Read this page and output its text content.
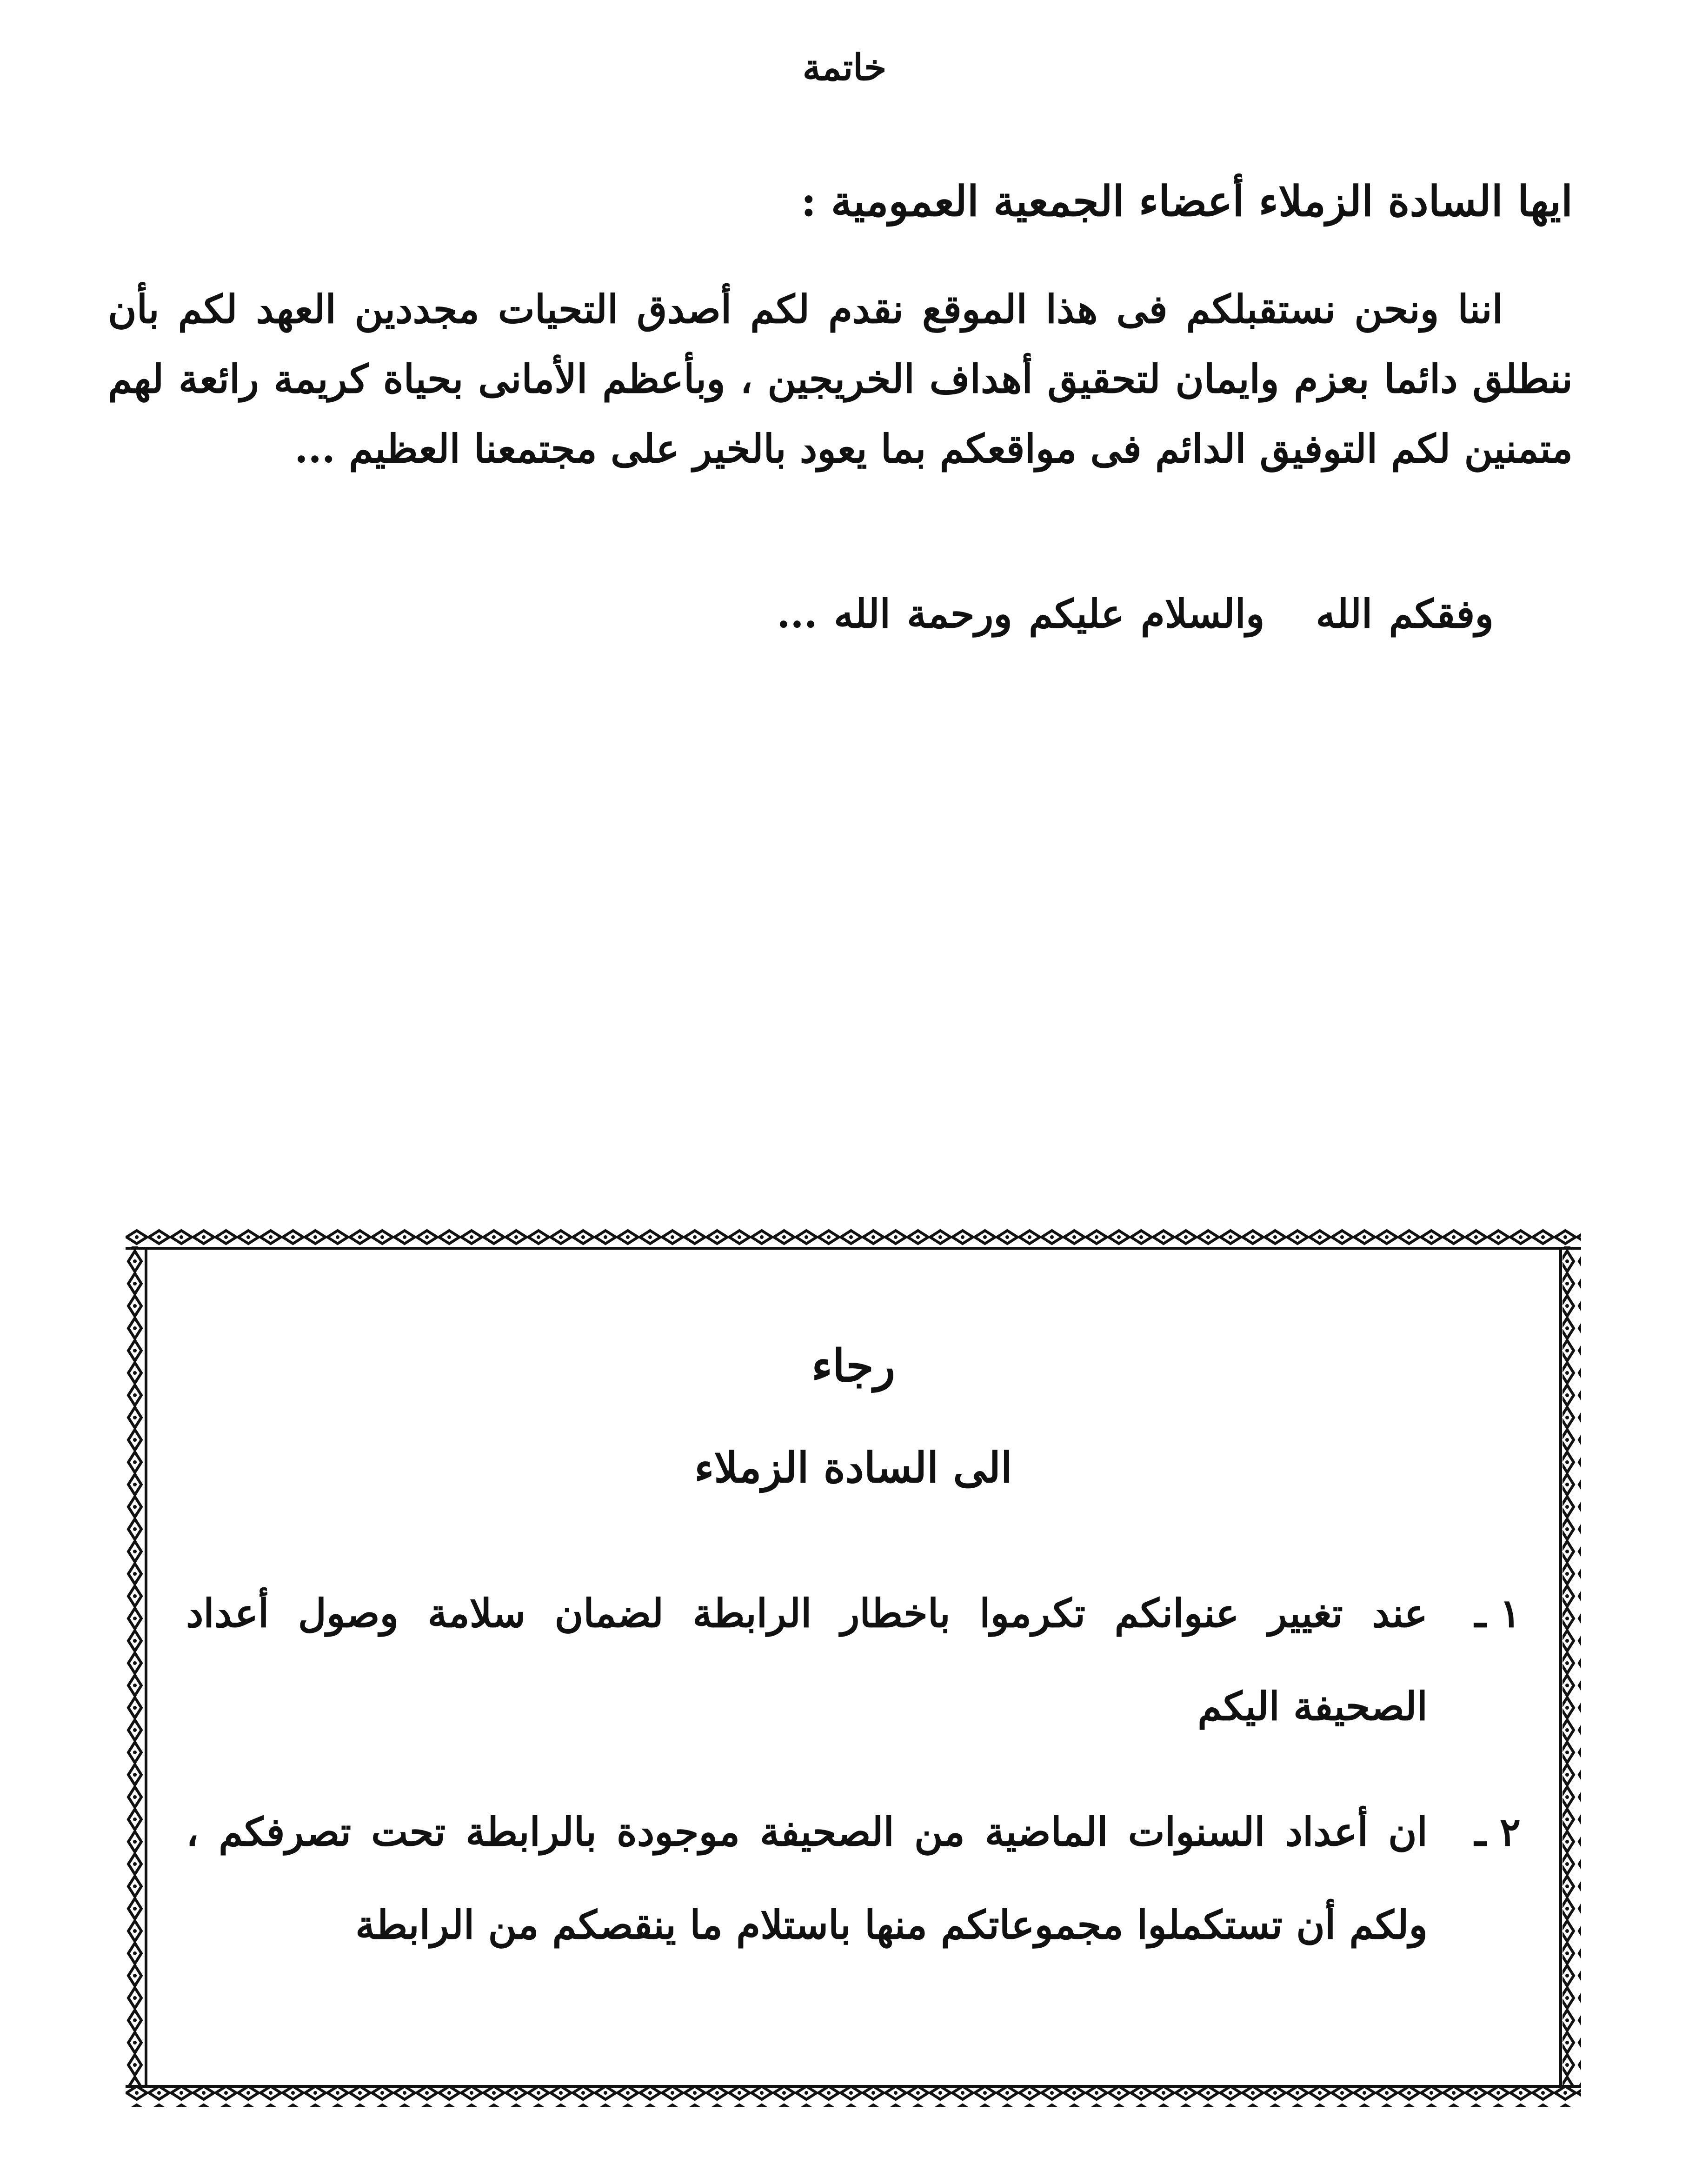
خاتمة
ايها السادة الزملاء أعضاء الجمعية العمومية :
اننا ونحن نستقبلكم فى هذا الموقع نقدم لكم أصدق التحيات مجددين العهد لكم بأن ننطلق دائما بعزم وايمان لتحقيق أهداف الخريجين ، وبأعظم الأمانى بحياة كريمة رائعة لهم متمنين لكم التوفيق الدائم فى مواقعكم بما يعود بالخير على مجتمعنا العظيم ...
وفقكم اللهوالسلام عليكم ورحمة الله ...
رجاء
الى السادة الزملاء
١ ـ
عند تغيير عنوانكم تكرموا باخطار الرابطة لضمان سلامة وصول أعداد الصحيفة اليكم
٢ ـ
ان أعداد السنوات الماضية من الصحيفة موجودة بالرابطة تحت تصرفكم ، ولكم أن تستكملوا مجموعاتكم منها باستلام ما ينقصكم من الرابطة
